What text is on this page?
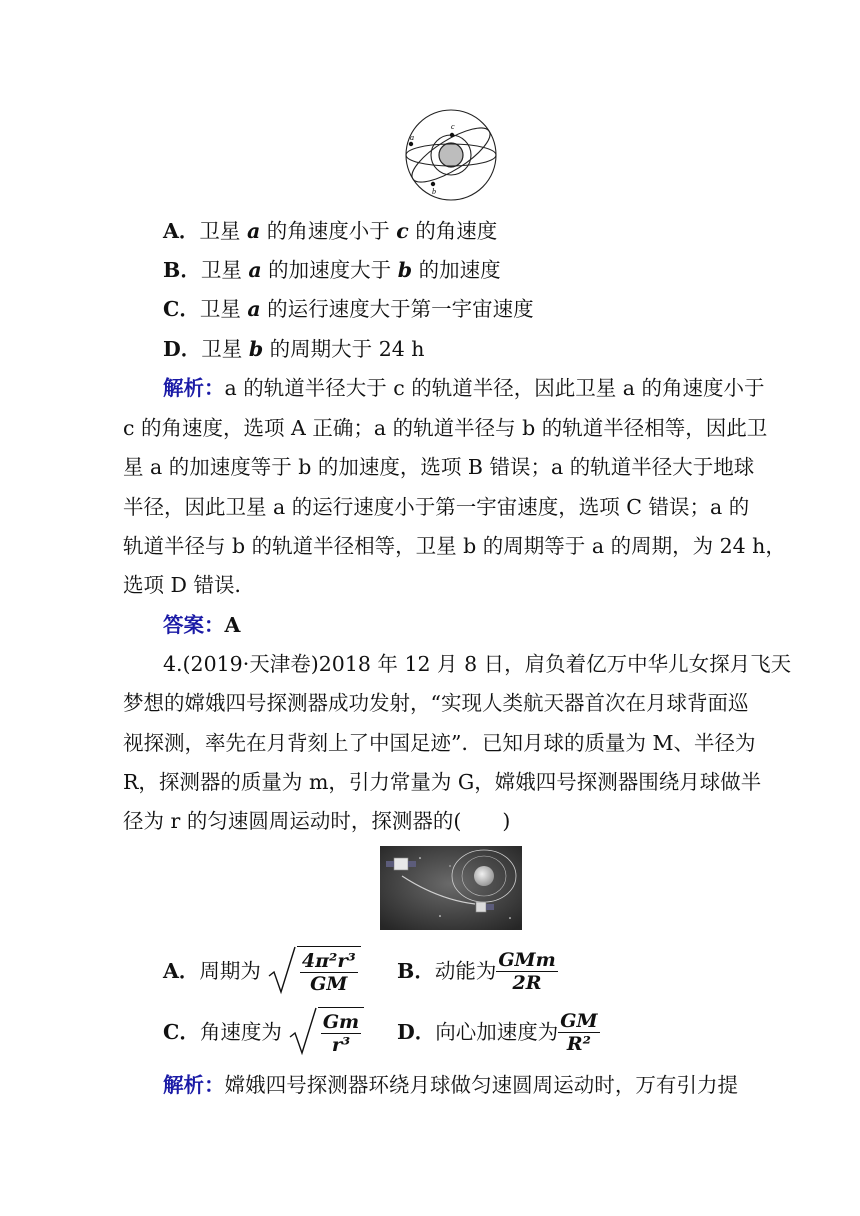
a
b
c
A．卫星 a 的角速度小于 c 的角速度
B．卫星 a 的加速度大于 b 的加速度
C．卫星 a 的运行速度大于第一宇宙速度
D．卫星 b 的周期大于 24 h
解析：a 的轨道半径大于 c 的轨道半径，因此卫星 a 的角速度小于
c 的角速度，选项 A 正确；a 的轨道半径与 b 的轨道半径相等，因此卫
星 a 的加速度等于 b 的加速度，选项 B 错误；a 的轨道半径大于地球
半径，因此卫星 a 的运行速度小于第一宇宙速度，选项 C 错误；a 的
轨道半径与 b 的轨道半径相等，卫星 b 的周期等于 a 的周期，为 24 h，
选项 D 错误．
答案：A
4.(2019·天津卷)2018 年 12 月 8 日，肩负着亿万中华儿女探月飞天
梦想的嫦娥四号探测器成功发射，“实现人类航天器首次在月球背面巡
视探测，率先在月背刻上了中国足迹”．已知月球的质量为 M、半径为
R，探测器的质量为 m，引力常量为 G，嫦娥四号探测器围绕月球做半
径为 r 的匀速圆周运动时，探测器的(　　)
A． 周期为 $\frac{\text{4π²r³}}{GM}$ B． 动能为 $\frac{\text{GMm}}{2R}$
C． 角速度为 $\frac{Gm}{\text{r³}}$ D． 向心加速度为 $\frac{GM}{\text{R²}}$
解析：嫦娥四号探测器环绕月球做匀速圆周运动时，万有引力提
